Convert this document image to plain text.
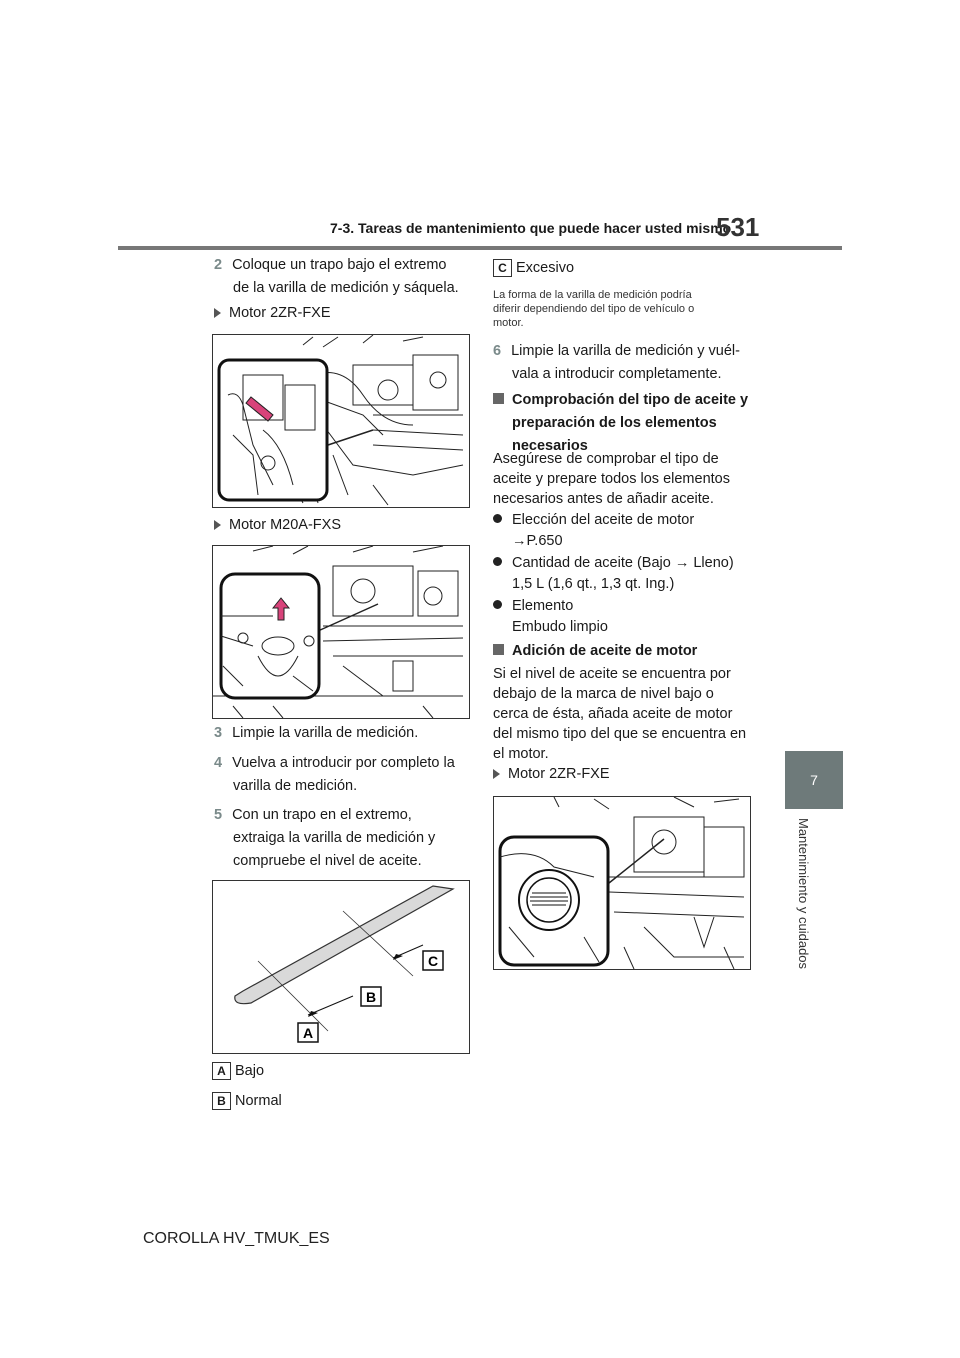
7-3. Tareas de mantenimiento que puede hacer usted mismo
531
7
Mantenimiento y cuidados
2 Coloque un trapo bajo el extremo
de la varilla de medición y sáquela.
Motor 2ZR-FXE
Motor M20A-FXS
3 Limpie la varilla de medición.
4 Vuelva a introducir por completo la
varilla de medición.
5 Con un trapo en el extremo,
extraiga la varilla de medición y
compruebe el nivel de aceite.
A
B
C
A Bajo
B Normal
C Excesivo
La forma de la varilla de medición podría
diferir dependiendo del tipo de vehículo o
motor.
6 Limpie la varilla de medición y vuél-
vala a introducir completamente.
Comprobación del tipo de aceite y
preparación de los elementos
necesarios
Asegúrese de comprobar el tipo de
aceite y prepare todos los elementos
necesarios antes de añadir aceite.
Elección del aceite de motor
→P.650
Cantidad de aceite (Bajo → Lleno)
1,5 L (1,6 qt., 1,3 qt. Ing.)
Elemento
Embudo limpio
Adición de aceite de motor
Si el nivel de aceite se encuentra por
debajo de la marca de nivel bajo o
cerca de ésta, añada aceite de motor
del mismo tipo del que se encuentra en
el motor.
Motor 2ZR-FXE
COROLLA HV_TMUK_ES
